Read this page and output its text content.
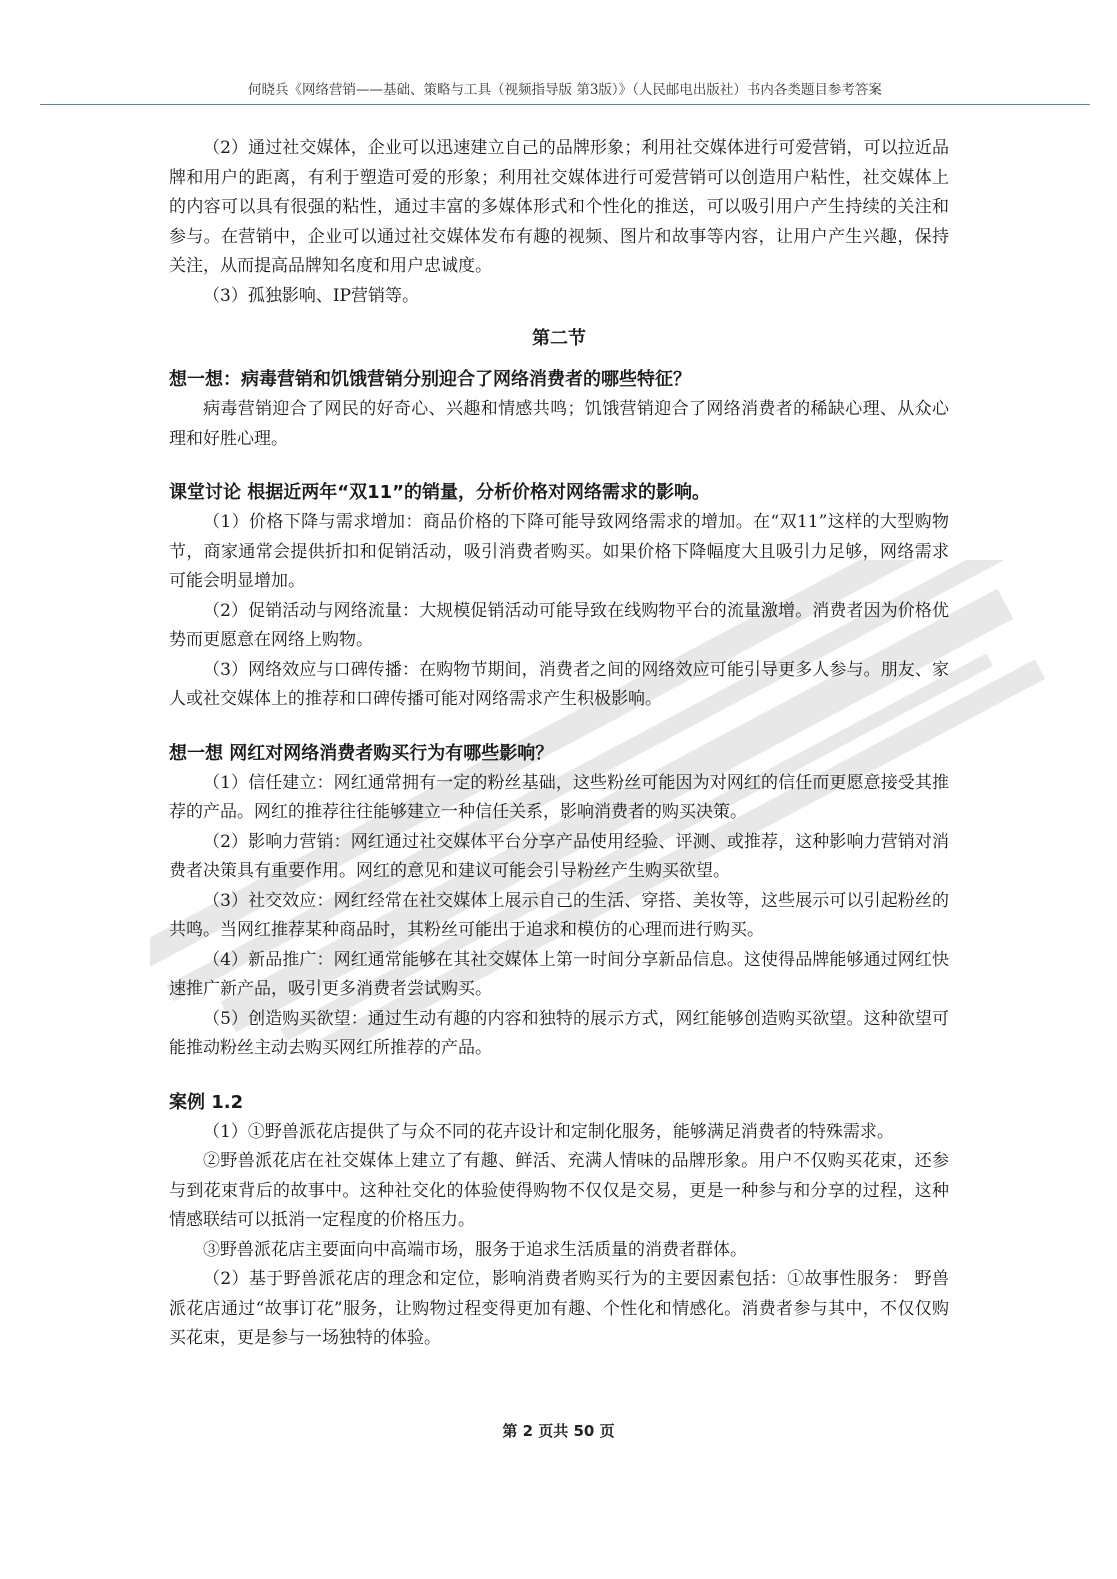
何晓兵《网络营销——基础、策略与工具（视频指导版 第3版）》（人民邮电出版社）书内各类题目参考答案

（2）通过社交媒体，企业可以迅速建立自己的品牌形象；利用社交媒体进行可爱营销，可以拉近品牌和用户的距离，有利于塑造可爱的形象；利用社交媒体进行可爱营销可以创造用户粘性，社交媒体上的内容可以具有很强的粘性，通过丰富的多媒体形式和个性化的推送，可以吸引用户产生持续的关注和参与。在营销中，企业可以通过社交媒体发布有趣的视频、图片和故事等内容，让用户产生兴趣，保持关注，从而提高品牌知名度和用户忠诚度。

（3）孤独影响、IP营销等。

第二节
想一想：病毒营销和饥饿营销分别迎合了网络消费者的哪些特征？

病毒营销迎合了网民的好奇心、兴趣和情感共鸣；饥饿营销迎合了网络消费者的稀缺心理、从众心理和好胜心理。

课堂讨论 根据近两年“双11”的销量，分析价格对网络需求的影响。

（1）价格下降与需求增加：商品价格的下降可能导致网络需求的增加。在“双11”这样的大型购物节，商家通常会提供折扣和促销活动，吸引消费者购买。如果价格下降幅度大且吸引力足够，网络需求可能会明显增加。

（2）促销活动与网络流量：大规模促销活动可能导致在线购物平台的流量激增。消费者因为价格优势而更愿意在网络上购物。

（3）网络效应与口碑传播：在购物节期间，消费者之间的网络效应可能引导更多人参与。朋友、家人或社交媒体上的推荐和口碑传播可能对网络需求产生积极影响。

想一想 网红对网络消费者购买行为有哪些影响？

（1）信任建立：网红通常拥有一定的粉丝基础，这些粉丝可能因为对网红的信任而更愿意接受其推荐的产品。网红的推荐往往能够建立一种信任关系，影响消费者的购买决策。

（2）影响力营销：网红通过社交媒体平台分享产品使用经验、评测、或推荐，这种影响力营销对消费者决策具有重要作用。网红的意见和建议可能会引导粉丝产生购买欲望。

（3）社交效应：网红经常在社交媒体上展示自己的生活、穿搭、美妆等，这些展示可以引起粉丝的共鸣。当网红推荐某种商品时，其粉丝可能出于追求和模仿的心理而进行购买。

（4）新品推广：网红通常能够在其社交媒体上第一时间分享新品信息。这使得品牌能够通过网红快速推广新产品，吸引更多消费者尝试购买。

（5）创造购买欲望：通过生动有趣的内容和独特的展示方式，网红能够创造购买欲望。这种欲望可能推动粉丝主动去购买网红所推荐的产品。

案例 1.2

（1）①野兽派花店提供了与众不同的花卉设计和定制化服务，能够满足消费者的特殊需求。

②野兽派花店在社交媒体上建立了有趣、鲜活、充满人情味的品牌形象。用户不仅购买花束，还参与到花束背后的故事中。这种社交化的体验使得购物不仅仅是交易，更是一种参与和分享的过程，这种情感联结可以抵消一定程度的价格压力。

③野兽派花店主要面向中高端市场，服务于追求生活质量的消费者群体。

（2）基于野兽派花店的理念和定位，影响消费者购买行为的主要因素包括：①故事性服务： 野兽派花店通过“故事订花”服务，让购物过程变得更加有趣、个性化和情感化。消费者参与其中，不仅仅购买花束，更是参与一场独特的体验。

第 2 页共 50 页
